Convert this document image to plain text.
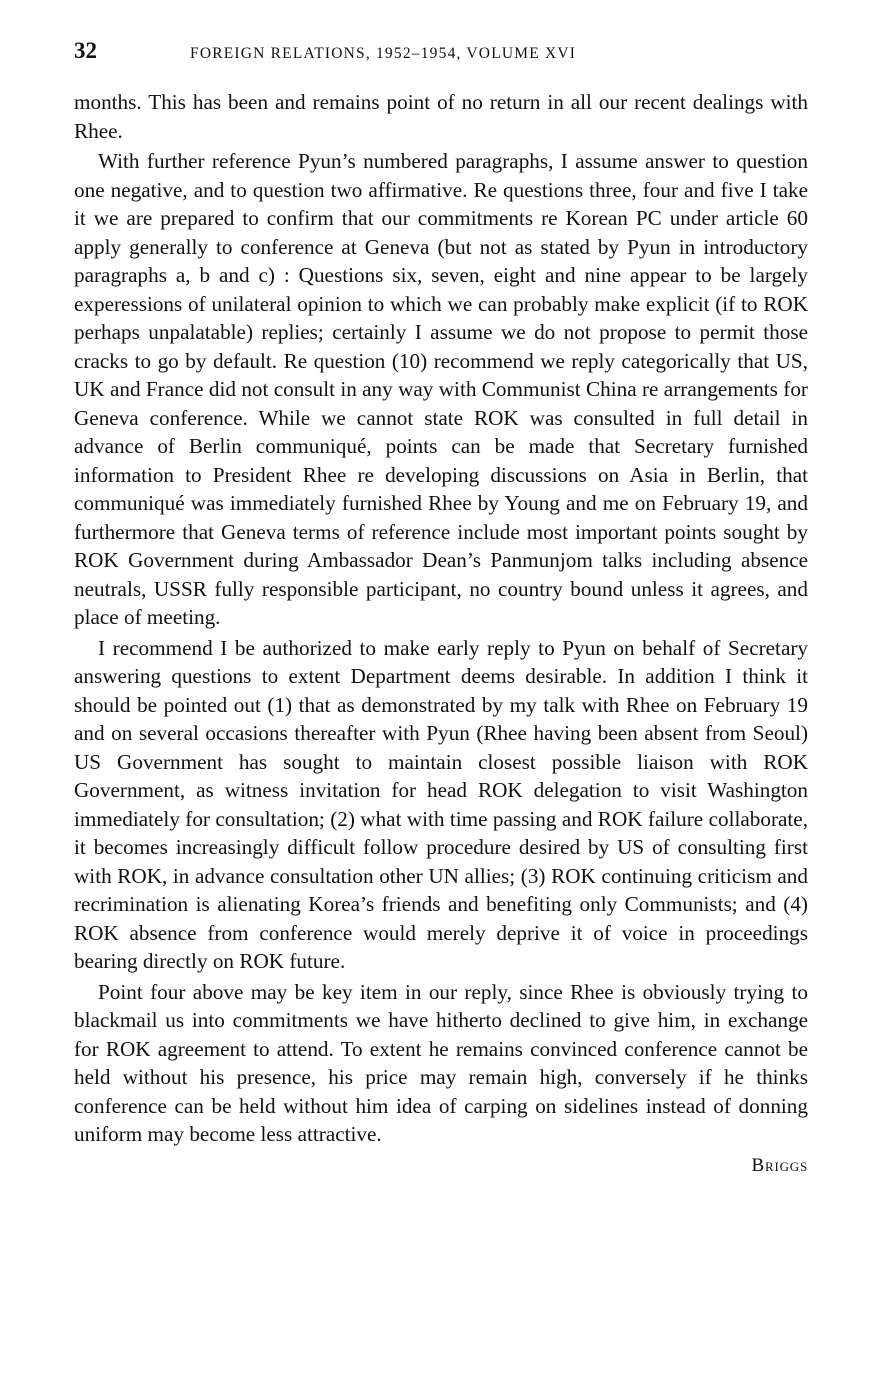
32	FOREIGN RELATIONS, 1952–1954, VOLUME XVI

months. This has been and remains point of no return in all our recent dealings with Rhee.

With further reference Pyun’s numbered paragraphs, I assume answer to question one negative, and to question two affirmative. Re questions three, four and five I take it we are prepared to confirm that our commitments re Korean PC under article 60 apply generally to conference at Geneva (but not as stated by Pyun in introductory paragraphs a, b and c) : Questions six, seven, eight and nine appear to be largely experessions of unilateral opinion to which we can probably make explicit (if to ROK perhaps unpalatable) replies; certainly I assume we do not propose to permit those cracks to go by default. Re question (10) recommend we reply categorically that US, UK and France did not consult in any way with Communist China re arrangements for Geneva conference. While we cannot state ROK was consulted in full detail in advance of Berlin communiqué, points can be made that Secretary furnished information to President Rhee re developing discussions on Asia in Berlin, that communiqué was immediately furnished Rhee by Young and me on February 19, and furthermore that Geneva terms of reference include most important points sought by ROK Government during Ambassador Dean’s Panmunjom talks including absence neutrals, USSR fully responsible participant, no country bound unless it agrees, and place of meeting.

I recommend I be authorized to make early reply to Pyun on behalf of Secretary answering questions to extent Department deems desirable. In addition I think it should be pointed out (1) that as demonstrated by my talk with Rhee on February 19 and on several occasions thereafter with Pyun (Rhee having been absent from Seoul) US Government has sought to maintain closest possible liaison with ROK Government, as witness invitation for head ROK delegation to visit Washington immediately for consultation; (2) what with time passing and ROK failure collaborate, it becomes increasingly difficult follow procedure desired by US of consulting first with ROK, in advance consultation other UN allies; (3) ROK continuing criticism and recrimination is alienating Korea’s friends and benefiting only Communists; and (4) ROK absence from conference would merely deprive it of voice in proceedings bearing directly on ROK future.

Point four above may be key item in our reply, since Rhee is obviously trying to blackmail us into commitments we have hitherto declined to give him, in exchange for ROK agreement to attend. To extent he remains convinced conference cannot be held without his presence, his price may remain high, conversely if he thinks conference can be held without him idea of carping on sidelines instead of donning uniform may become less attractive.

Briggs
